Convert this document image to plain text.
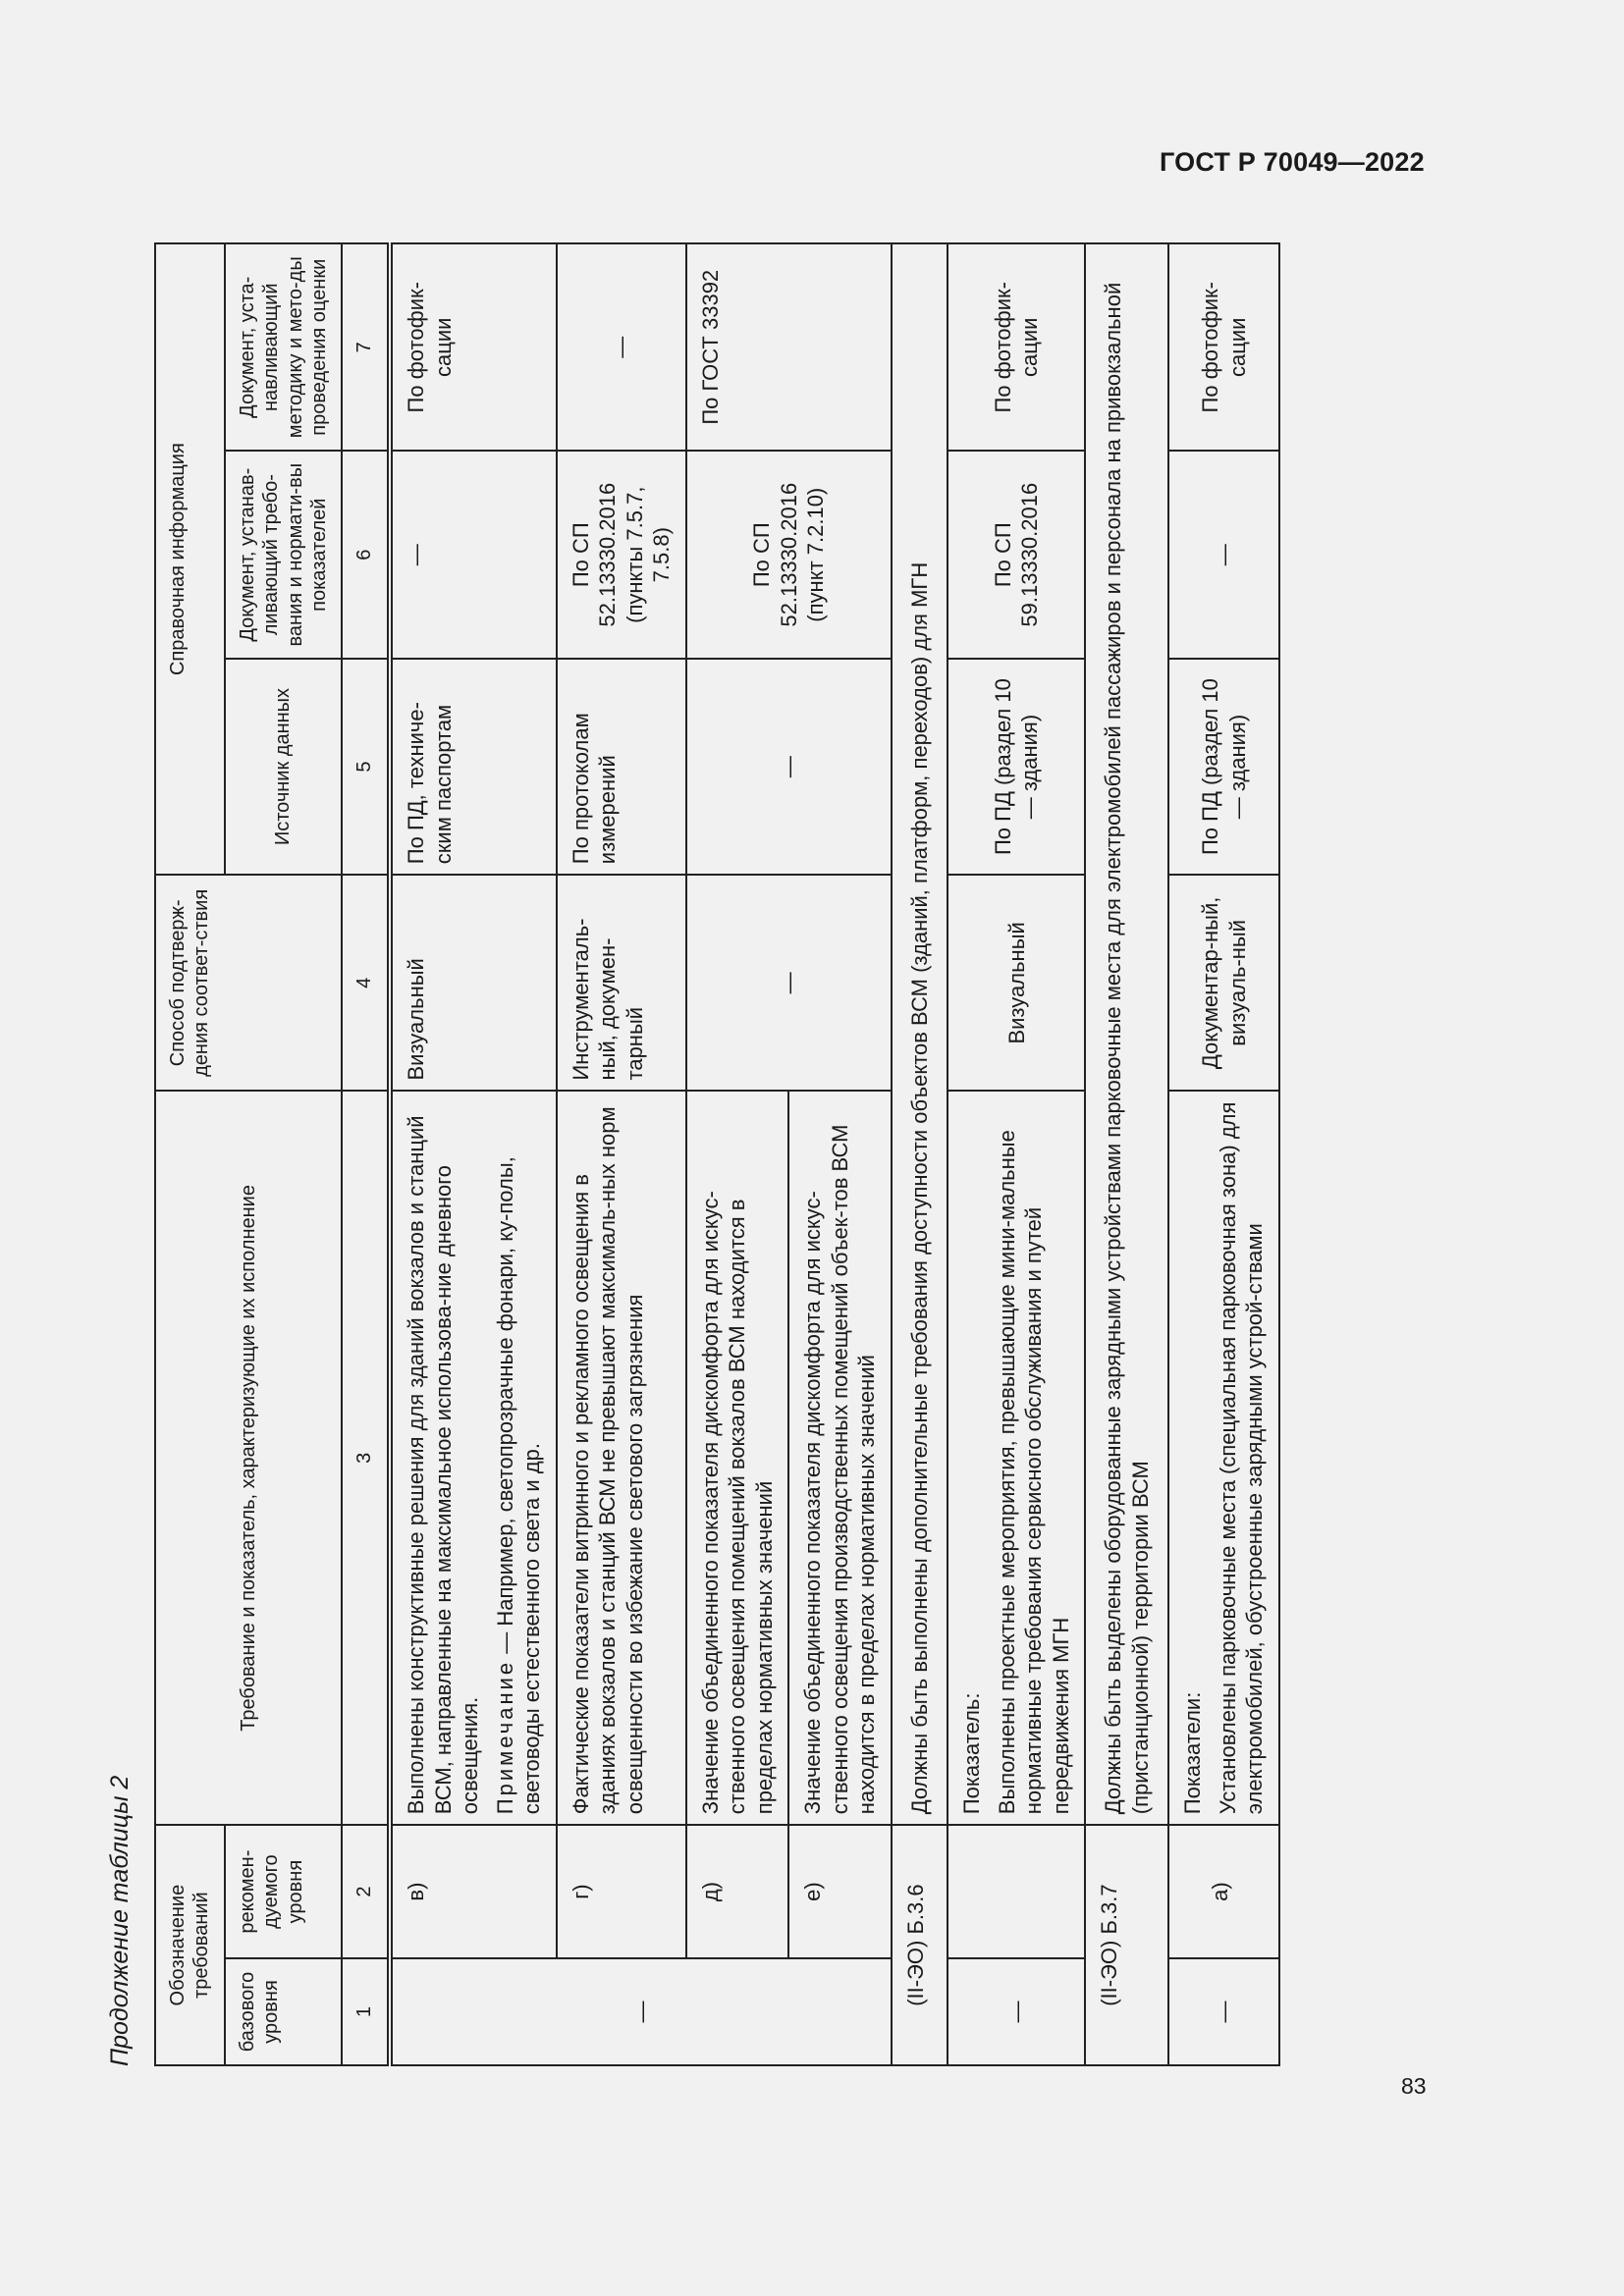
ГОСТ Р 70049—2022
Продолжение таблицы 2 Обозначение требований		Требование и показатель, характеризующие их исполнение	Способ подтверж-дения соответ-ствия	Справочная информация		
базового уровня	рекомен-дуемого уровня			Источник данных	Документ, устанав-ливающий требо-вания и нормати-вы показателей	Документ, уста-навливающий методику и мето-ды проведения оценки
1	2	3	4	5	6	7
—	в)	Выполнены конструктивные решения для зданий вокзалов и станций ВСМ, направленные на максимальное использова-ние дневного освещения. Примечание — Например, светопрозрачные фонари, ку-полы, световоды естественного света и др.	Визуальный	По ПД, техниче-ским паспортам	—	По фотофик-сации
	г)	Фактические показатели витринного и рекламного освещения в зданиях вокзалов и станций ВСМ не превышают максималь-ных норм освещенности во избежание светового загрязнения	Инструменталь-ный, докумен-тарный	По протоколам измерений	По СП 52.13330.2016 (пункты 7.5.7, 7.5.8)	—
	д)	Значение объединенного показателя дискомфорта для искус-ственного освещения помещений вокзалов ВСМ находится в пределах нормативных значений	—	—	По СП 52.13330.2016 (пункт 7.2.10)	По ГОСТ 33392
	е)	Значение объединенного показателя дискомфорта для искус-ственного освещения производственных помещений объек-тов ВСМ находится в пределах нормативных значений				
(II-ЭО) Б.3.6		Должны быть выполнены дополнительные требования доступности объектов ВСМ (зданий, платформ, переходов) для МГН				
—		Показатель: Выполнены проектные мероприятия, превышающие мини-мальные нормативные требования сервисного обслуживания и путей передвижения МГН	Визуальный	По ПД (раздел 10 — здания)	По СП 59.13330.2016	По фотофик-сации
(II-ЭО) Б.3.7		Должны быть выделены оборудованные зарядными устройствами парковочные места для электромобилей пассажиров и персонала на привокзальной (пристанционной) территории ВСМ				
—	а)	Показатели: Установлены парковочные места (специальная парковочная зона) для электромобилей, обустроенные зарядными устрой-ствами	Документар-ный, визуаль-ный	По ПД (раздел 10 — здания)	—	По фотофик-сации
83
